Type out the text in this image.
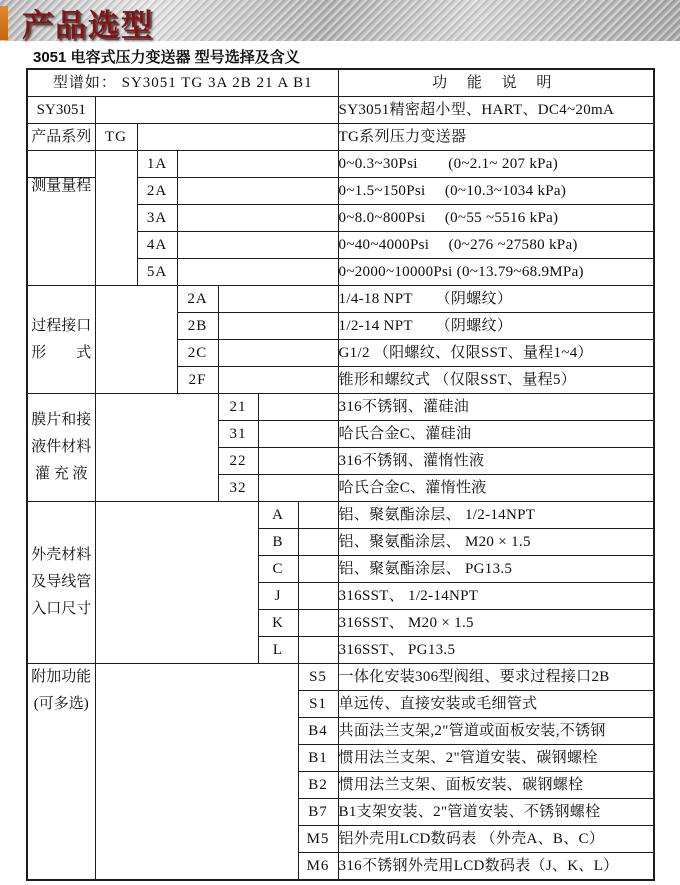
产品选型
3051 电容式压力变送器 型号选择及含义
型谱如： SY3051 TG 3A 2B 21 A B1							功 能 说 明
SY3051							SY3051精密超小型、HART、DC4~20mA
产品系列	TG						TG系列压力变送器
		1A					0~0.3~30Psi　　(0~2.1~ 207 kPa)
测量量程		2A					0~1.5~150Psi　 (0~10.3~1034 kPa)
		3A					0~8.0~800Psi　 (0~55 ~5516 kPa)
		4A					0~40~4000Psi　 (0~276 ~27580 kPa)
		5A					0~2000~10000Psi (0~13.79~68.9MPa)

过程接口
形　　式			2A				1/4-18 NPT　　（阴螺纹）
			2B				1/2-14 NPT　　（阴螺纹）
			2C				G1/2 （阳螺纹、仅限SST、量程1~4）
			2F				锥形和螺纹式 （仅限SST、量程5）

膜片和接
液件材料
灌 充 液				21			316不锈钢、灌硅油
				31			哈氏合金C、灌硅油
				22			316不锈钢、灌惰性液
				32			哈氏合金C、灌惰性液

外壳材料
及导线管
入口尺寸					A		铝、聚氨酯涂层、 1/2-14NPT
					B		铝、聚氨酯涂层、 M20 × 1.5
					C		铝、聚氨酯涂层、 PG13.5
					J		316SST、 1/2-14NPT
					K		316SST、 M20 × 1.5
					L		316SST、 PG13.5

附加功能
(可多选)						S5	一体化安装306型阀组、要求过程接口2B
						S1	单远传、直接安装或毛细管式
						B4	共面法兰支架,2"管道或面板安装,不锈钢
						B1	惯用法兰支架、2"管道安装、碳钢螺栓
						B2	惯用法兰支架、面板安装、碳钢螺栓
						B7	B1支架安装、2"管道安装、不锈钢螺栓
						M5	铝外壳用LCD数码表 （外壳A、B、C）
						M6	316不锈钢外壳用LCD数码表（J、K、L）
